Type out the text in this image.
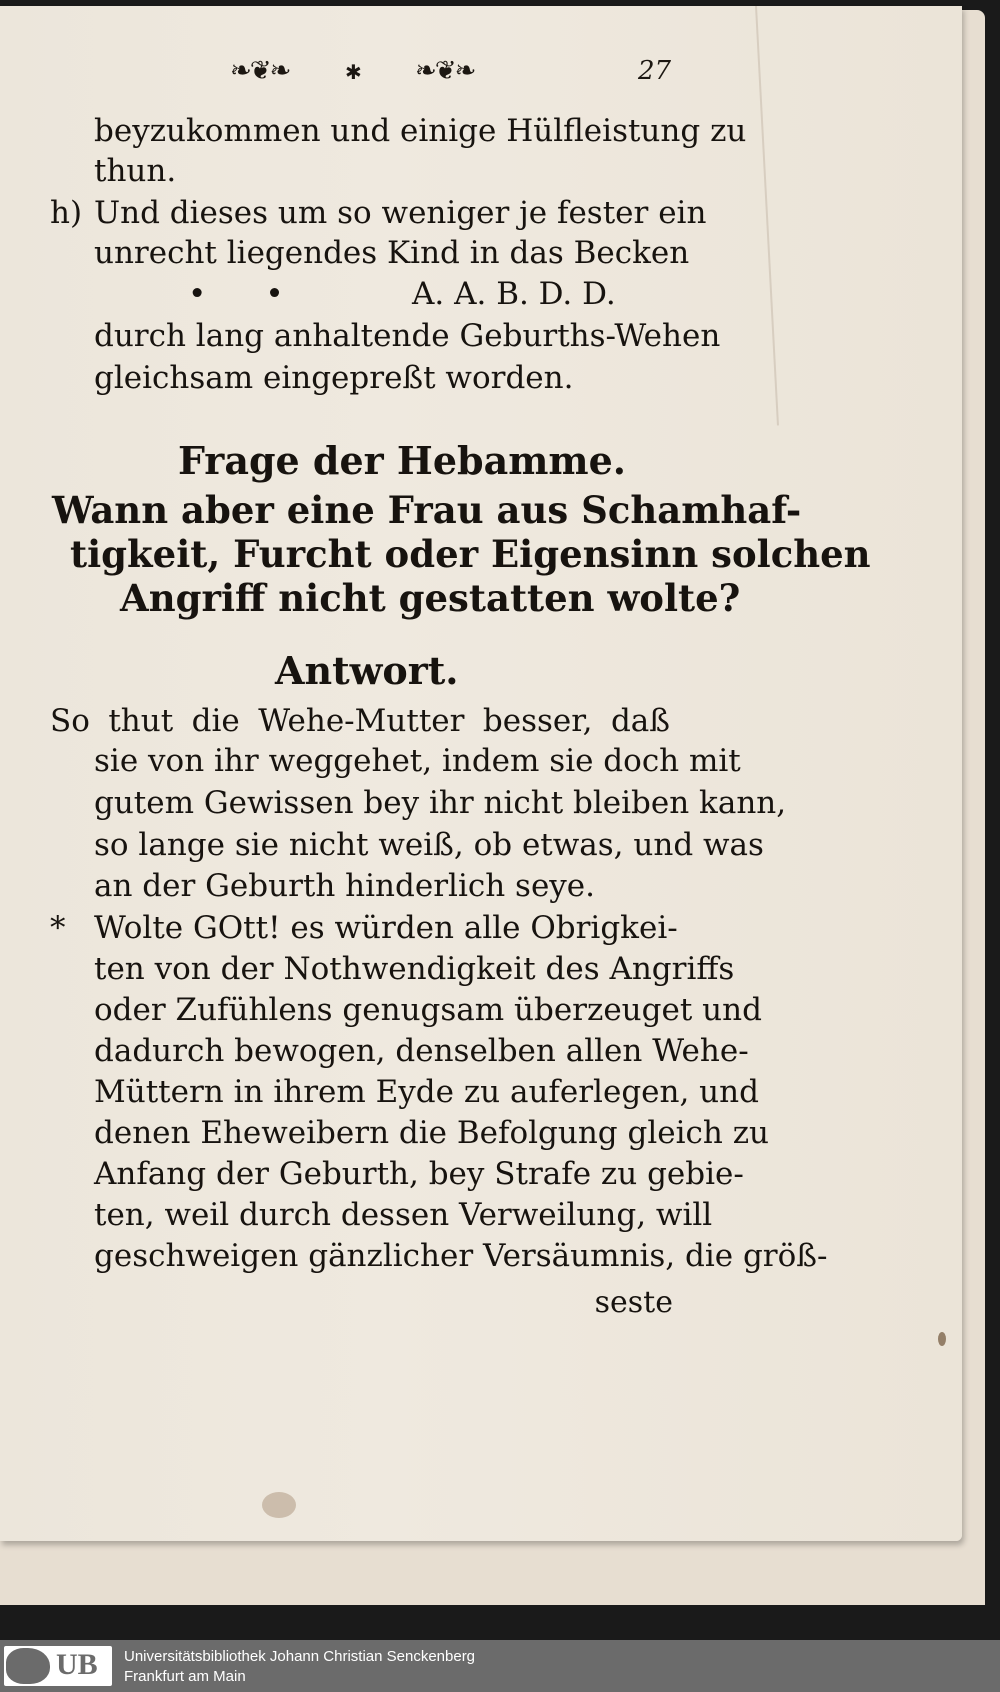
❧❦❧	✱ ❧❦❧	27
beyzukommen und einige Hülfleistung zu
thun.
h) Und dieses um so weniger je fester ein
unrecht liegendes Kind in das Becken
•      •	A. A. B. D. D.
durch lang anhaltende Geburths-Wehen
gleichsam eingepreßt worden.
Frage der Hebamme.
Wann aber eine Frau aus Schamhaf-
tigkeit, Furcht oder Eigensinn solchen
Angriff nicht gestatten wolte?
Antwort.
So thut die Wehe-Mutter besser, daß
sie von ihr weggehet, indem sie doch mit
gutem Gewissen bey ihr nicht bleiben kann,
so lange sie nicht weiß, ob etwas, und was
an der Geburth hinderlich seye.
* Wolte GOtt! es würden alle Obrigkei-
ten von der Nothwendigkeit des Angriffs
oder Zufühlens genugsam überzeuget und
dadurch bewogen, denselben allen Wehe-
Müttern in ihrem Eyde zu auferlegen, und
denen Eheweibern die Befolgung gleich zu
Anfang der Geburth, bey Strafe zu gebie-
ten, weil durch dessen Verweilung, will
geschweigen gänzlicher Versäumnis, die größ-
seste
UB Universitätsbibliothek Johann Christian Senckenberg
Frankfurt am Main
